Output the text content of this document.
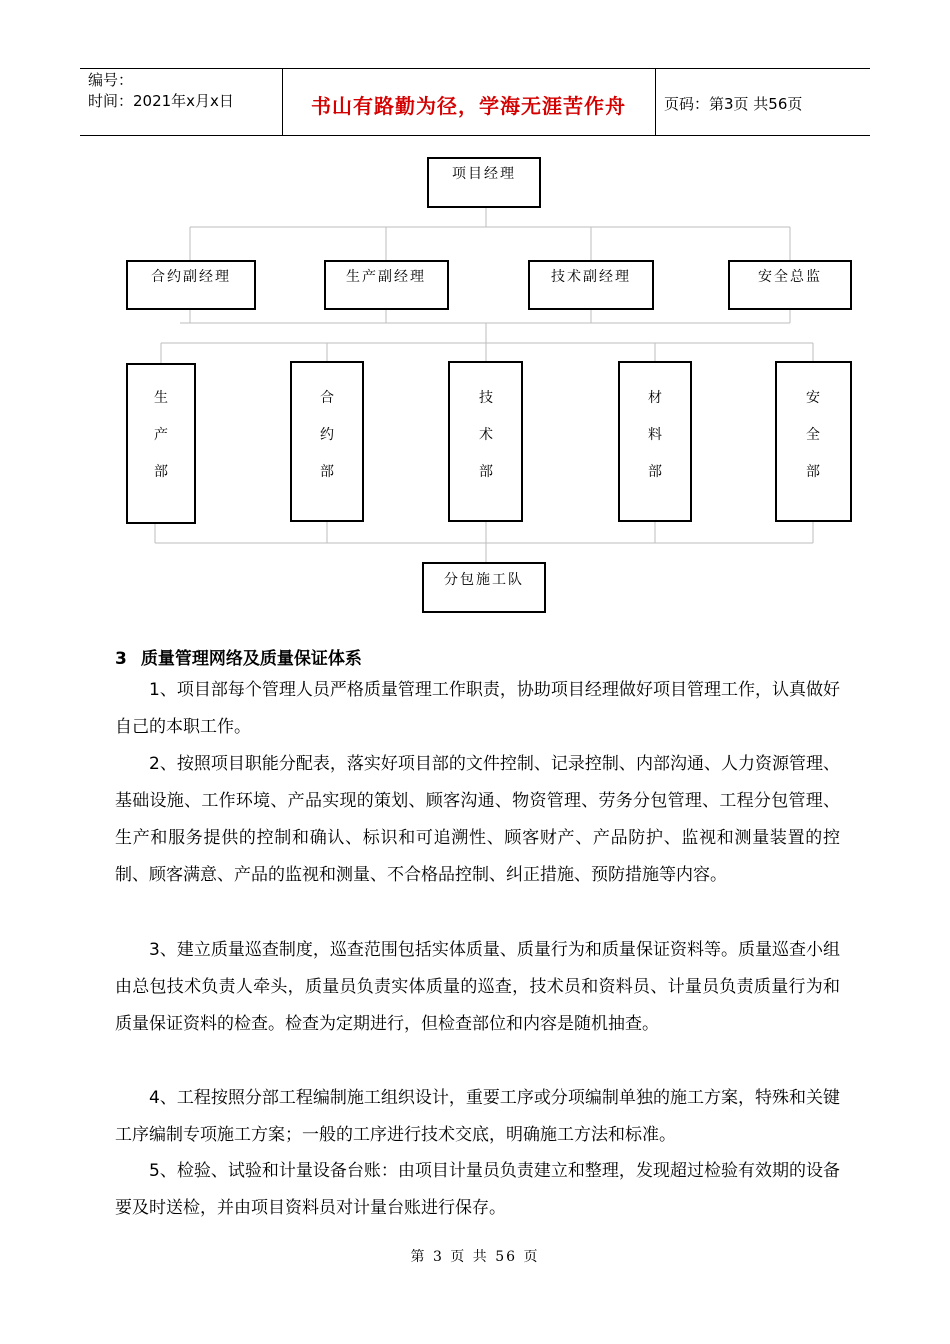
编号：
时间：2021年x月x日	书山有路勤为径，学海无涯苦作舟	页码：第3页 共56页
项目经理
合约副经理	生产副经理	技术副经理	安全总监
生产部
合约部
技术部
材料部
安全部
分包施工队
3 质量管理网络及质量保证体系

1、项目部每个管理人员严格质量管理工作职责，协助项目经理做好项目管理工作，认真做好自己的本职工作。

2、按照项目职能分配表，落实好项目部的文件控制、记录控制、内部沟通、人力资源管理、基础设施、工作环境、产品实现的策划、顾客沟通、物资管理、劳务分包管理、工程分包管理、生产和服务提供的控制和确认、标识和可追溯性、顾客财产、产品防护、监视和测量装置的控制、顾客满意、产品的监视和测量、不合格品控制、纠正措施、预防措施等内容。

3、建立质量巡查制度，巡查范围包括实体质量、质量行为和质量保证资料等。质量巡查小组由总包技术负责人牵头，质量员负责实体质量的巡查，技术员和资料员、计量员负责质量行为和质量保证资料的检查。检查为定期进行，但检查部位和内容是随机抽查。

4、工程按照分部工程编制施工组织设计，重要工序或分项编制单独的施工方案，特殊和关键工序编制专项施工方案；一般的工序进行技术交底，明确施工方法和标准。

5、检验、试验和计量设备台账：由项目计量员负责建立和整理，发现超过检验有效期的设备要及时送检，并由项目资料员对计量台账进行保存。

第 3 页 共 56 页
